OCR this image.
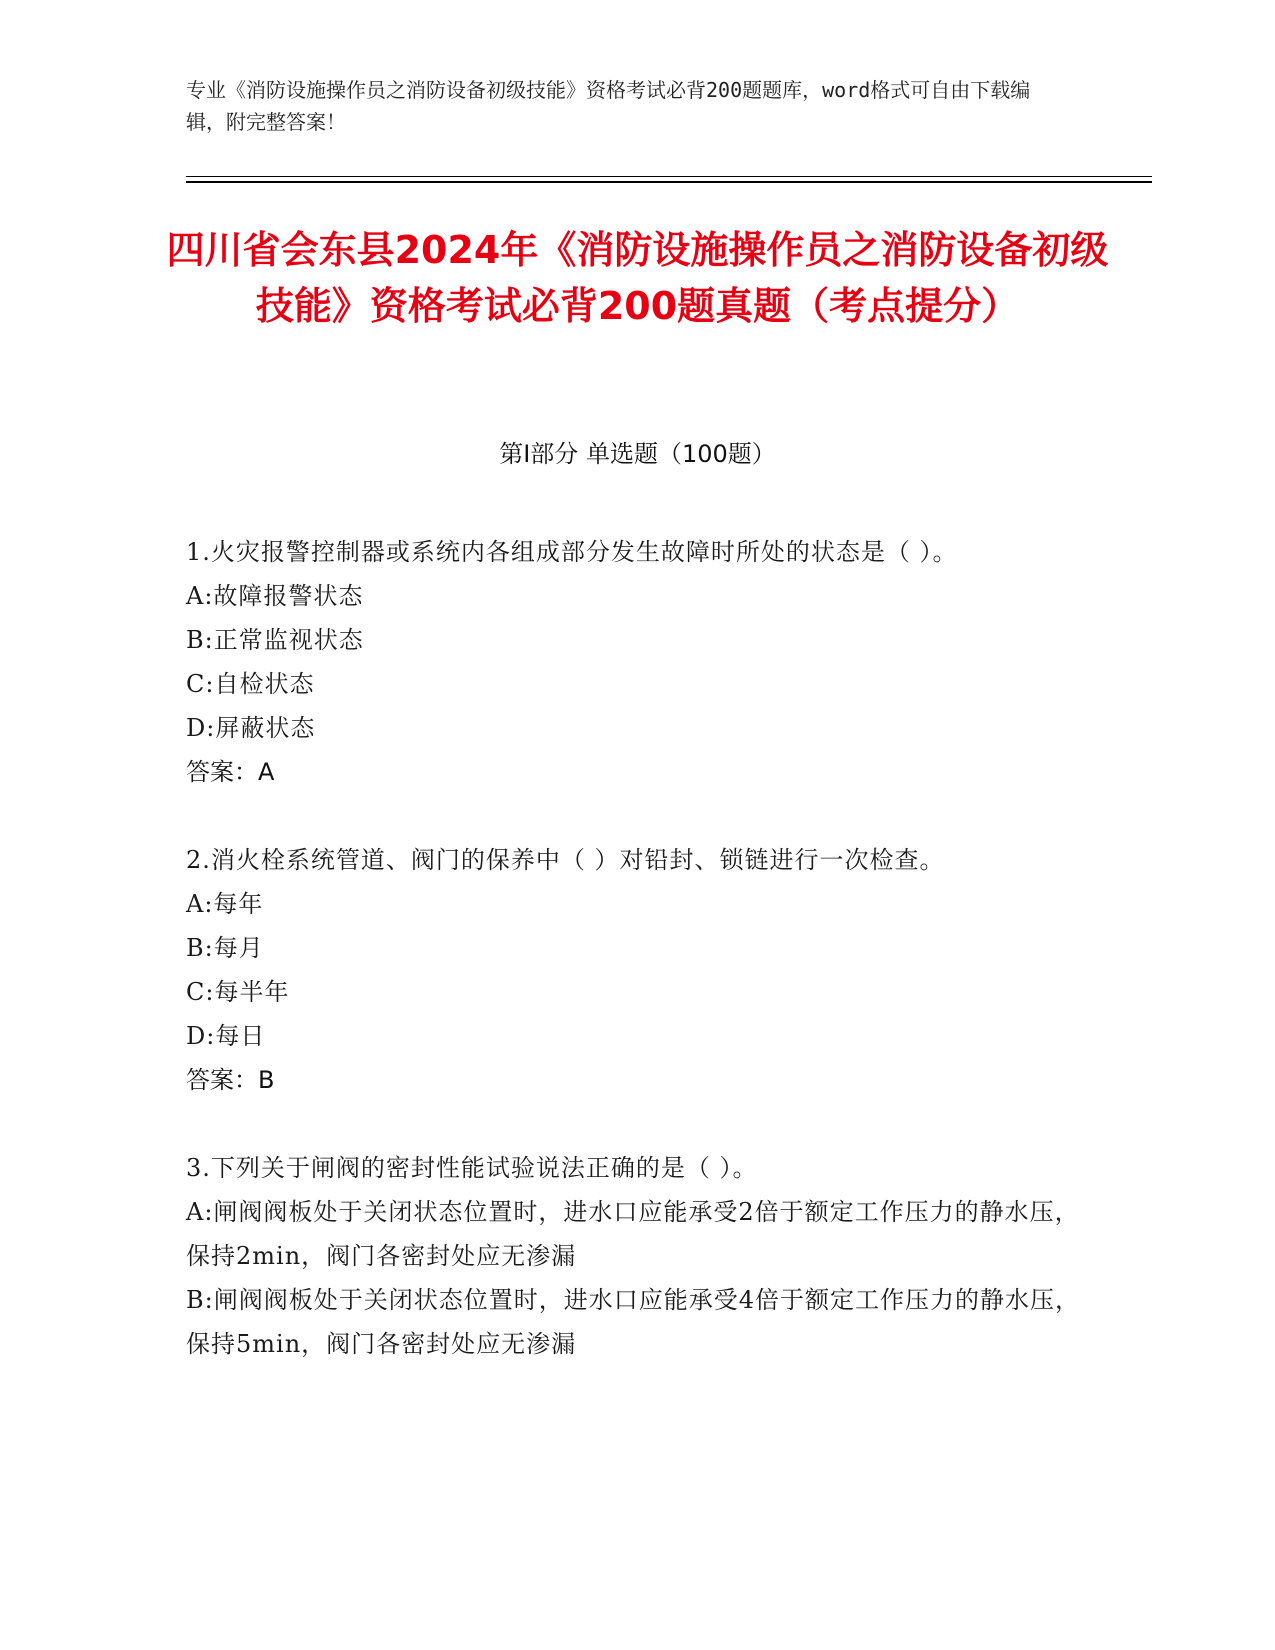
专业《消防设施操作员之消防设备初级技能》资格考试必背200题题库，word格式可自由下载编辑，附完整答案！
四川省会东县2024年《消防设施操作员之消防设备初级技能》资格考试必背200题真题（考点提分）
第I部分 单选题（100题）

1.火灾报警控制器或系统内各组成部分发生故障时所处的状态是（ ）。

A:故障报警状态

B:正常监视状态

C:自检状态

D:屏蔽状态

答案：A

2.消火栓系统管道、阀门的保养中（ ）对铅封、锁链进行一次检查。

A:每年

B:每月

C:每半年

D:每日

答案：B

3.下列关于闸阀的密封性能试验说法正确的是（ ）。

A:闸阀阀板处于关闭状态位置时，进水口应能承受2倍于额定工作压力的静水压，保持2min，阀门各密封处应无渗漏

B:闸阀阀板处于关闭状态位置时，进水口应能承受4倍于额定工作压力的静水压，保持5min，阀门各密封处应无渗漏
